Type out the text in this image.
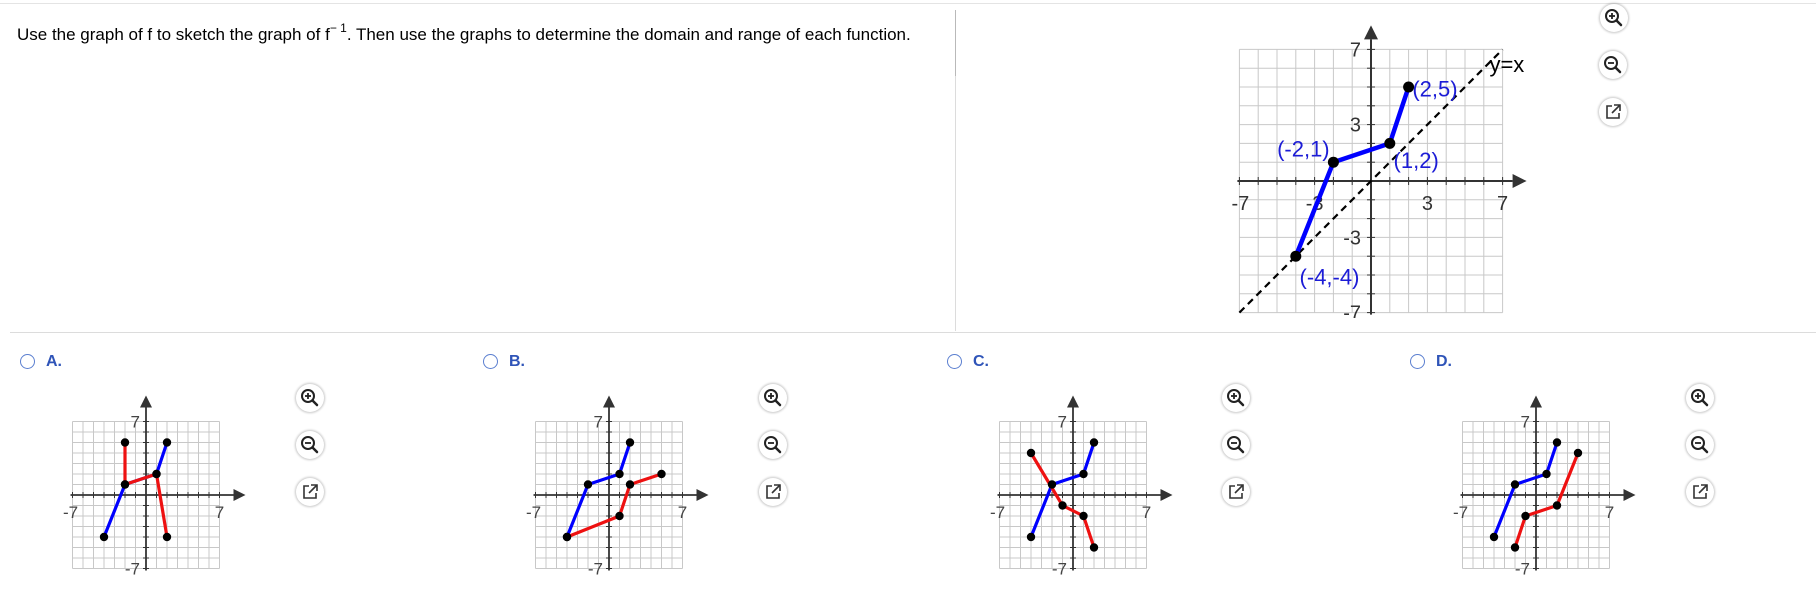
Use the graph of f to sketch the graph of $f^{- 1}$. Then use the graphs to determine the domain and range of each function.
-7	-3	3	7
7
3
-3
-7
y=x
(-4,-4)
(-2,1)	(1,2)
(2,5)
A.
-7	7
7
-7
B.
-7	7
7
-7
C.
-7	7
7
-7
D.
-7	7
7
-7
